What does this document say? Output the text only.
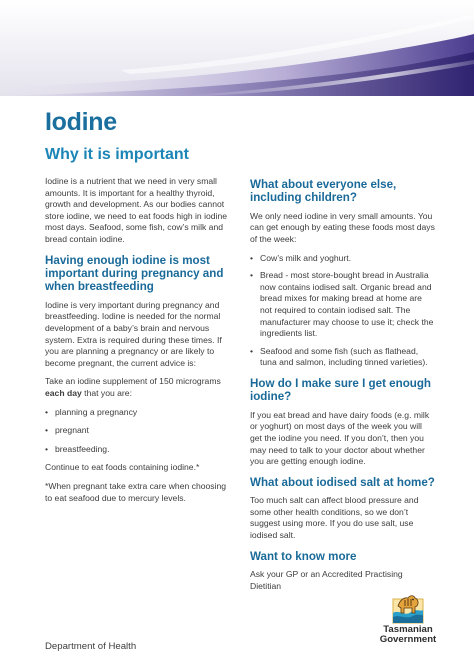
Iodine
Why it is important

Iodine is a nutrient that we need in very small amounts. It is important for a healthy thyroid, growth and development. As our bodies cannot store iodine, we need to eat foods high in iodine most days. Seafood, some fish, cow’s milk and bread contain iodine.

Having enough iodine is most important during pregnancy and when breastfeeding

Iodine is very important during pregnancy and breastfeeding. Iodine is needed for the normal development of a baby’s brain and nervous system. Extra is required during these times. If you are planning a pregnancy or are likely to become pregnant, the current advice is:

Take an iodine supplement of 150 micrograms each day that you are:

• planning a pregnancy
• pregnant
• breastfeeding.

Continue to eat foods containing iodine.*

*When pregnant take extra care when choosing to eat seafood due to mercury levels.

What about everyone else, including children?

We only need iodine in very small amounts. You can get enough by eating these foods most days of the week:

• Cow’s milk and yoghurt.
• Bread - most store-bought bread in Australia now contains iodised salt. Organic bread and bread mixes for making bread at home are not required to contain iodised salt. The manufacturer may choose to use it; check the ingredients list.
• Seafood and some fish (such as flathead, tuna and salmon, including tinned varieties).
How do I make sure I get enough iodine?

If you eat bread and have dairy foods (e.g. milk or yoghurt) on most days of the week you will get the iodine you need. If you don’t, then you may need to talk to your doctor about whether you are getting enough iodine.

What about iodised salt at home?

Too much salt can affect blood pressure and some other health conditions, so we don’t suggest using more. If you do use salt, use iodised salt.

Want to know more

Ask your GP or an Accredited Practising Dietitian

Department of Health
Tasmanian
Government
